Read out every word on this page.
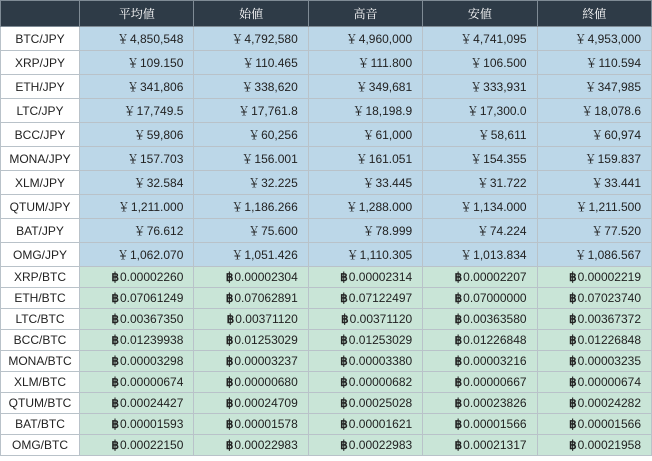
	平均値	始値	高音	安値	終値
BTC/JPY	￥4,850,548	￥4,792,580	￥4,960,000	￥4,741,095	￥4,953,000
XRP/JPY	￥109.150	￥110.465	￥111.800	￥106.500	￥110.594
ETH/JPY	￥341,806	￥338,620	￥349,681	￥333,931	￥347,985
LTC/JPY	￥17,749.5	￥17,761.8	￥18,198.9	￥17,300.0	￥18,078.6
BCC/JPY	￥59,806	￥60,256	￥61,000	￥58,611	￥60,974
MONA/JPY	￥157.703	￥156.001	￥161.051	￥154.355	￥159.837
XLM/JPY	￥32.584	￥32.225	￥33.445	￥31.722	￥33.441
QTUM/JPY	￥1,211.000	￥1,186.266	￥1,288.000	￥1,134.000	￥1,211.500
BAT/JPY	￥76.612	￥75.600	￥78.999	￥74.224	￥77.520
OMG/JPY	￥1,062.070	￥1,051.426	￥1,110.305	￥1,013.834	￥1,086.567
XRP/BTC	฿0.00002260	฿0.00002304	฿0.00002314	฿0.00002207	฿0.00002219
ETH/BTC	฿0.07061249	฿0.07062891	฿0.07122497	฿0.07000000	฿0.07023740
LTC/BTC	฿0.00367350	฿0.00371120	฿0.00371120	฿0.00363580	฿0.00367372
BCC/BTC	฿0.01239938	฿0.01253029	฿0.01253029	฿0.01226848	฿0.01226848
MONA/BTC	฿0.00003298	฿0.00003237	฿0.00003380	฿0.00003216	฿0.00003235
XLM/BTC	฿0.00000674	฿0.00000680	฿0.00000682	฿0.00000667	฿0.00000674
QTUM/BTC	฿0.00024427	฿0.00024709	฿0.00025028	฿0.00023826	฿0.00024282
BAT/BTC	฿0.00001593	฿0.00001578	฿0.00001621	฿0.00001566	฿0.00001566
OMG/BTC	฿0.00022150	฿0.00022983	฿0.00022983	฿0.00021317	฿0.00021958
